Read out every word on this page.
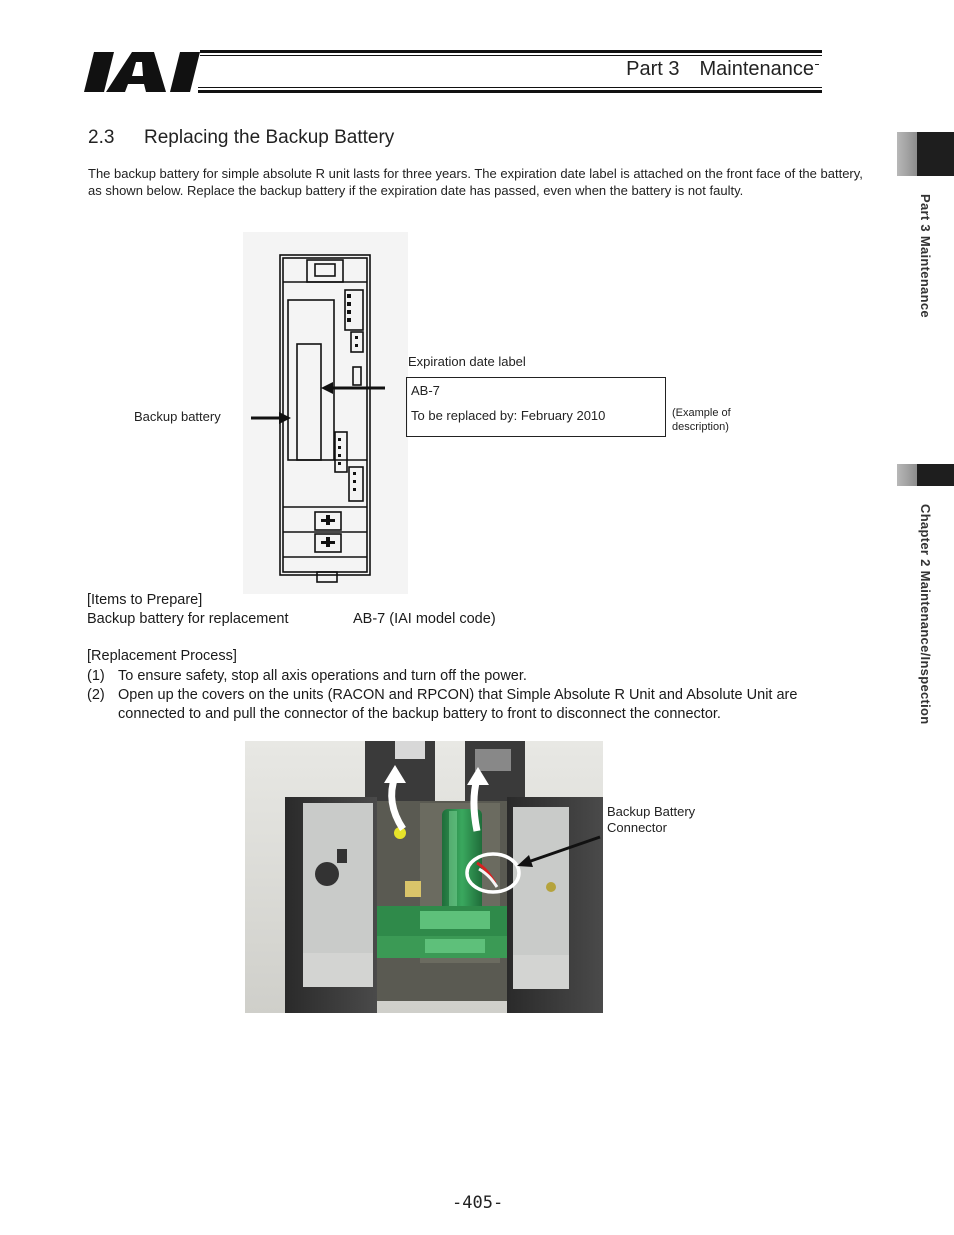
Part 3 Maintenance
Part 3 Maintenance
Chapter 2 Maintenance/Inspection
2.3 Replacing the Backup Battery
The backup battery for simple absolute R unit lasts for three years. The expiration date label is attached on the front face of the battery, as shown below. Replace the backup battery if the expiration date has passed, even when the battery is not faulty.
Expiration date label
Backup battery
AB-7
To be replaced by: February 2010	(Example of
description)
[Items to Prepare]
Backup battery for replacement	AB-7 (IAI model code)
[Replacement Process]
(1) To ensure safety, stop all axis operations and turn off the power.
(2) Open up the covers on the units (RACON and RPCON) that Simple Absolute R Unit and Absolute Unit are connected to and pull the connector of the backup battery to front to disconnect the connector.
Backup Battery
Connector
-405-
